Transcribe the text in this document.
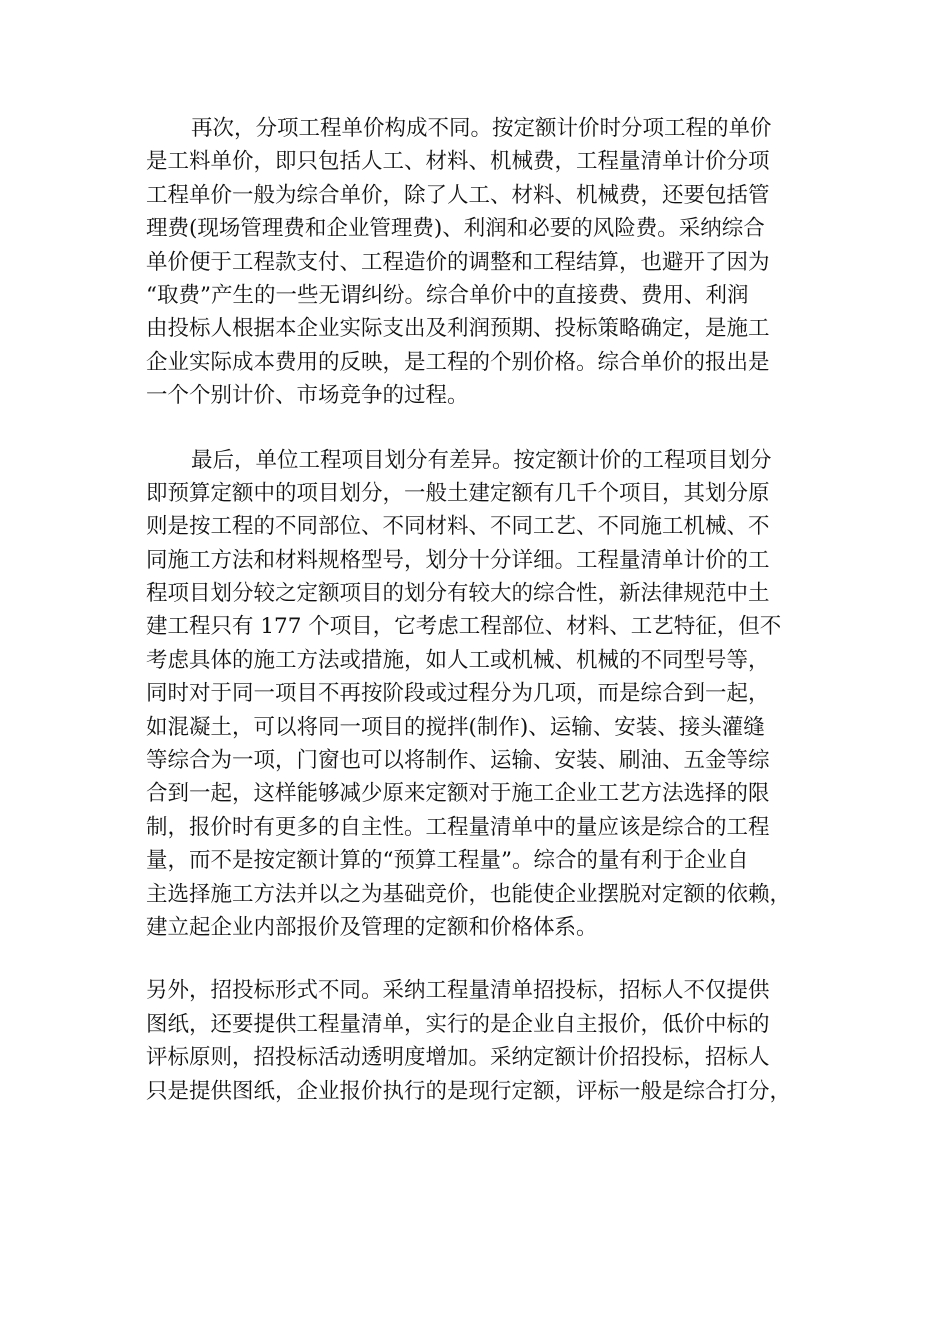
再次，分项工程单价构成不同。按定额计价时分项工程的单价
是工料单价，即只包括人工、材料、机械费，工程量清单计价分项
工程单价一般为综合单价，除了人工、材料、机械费，还要包括管
理费(现场管理费和企业管理费)、利润和必要的风险费。采纳综合
单价便于工程款支付、工程造价的调整和工程结算，也避开了因为
“取费”产生的一些无谓纠纷。综合单价中的直接费、费用、利润
由投标人根据本企业实际支出及利润预期、投标策略确定，是施工
企业实际成本费用的反映，是工程的个别价格。综合单价的报出是
一个个别计价、市场竞争的过程。
最后，单位工程项目划分有差异。按定额计价的工程项目划分
即预算定额中的项目划分，一般土建定额有几千个项目，其划分原
则是按工程的不同部位、不同材料、不同工艺、不同施工机械、不
同施工方法和材料规格型号，划分十分详细。工程量清单计价的工
程项目划分较之定额项目的划分有较大的综合性，新法律规范中土
建工程只有 177 个项目，它考虑工程部位、材料、工艺特征，但不
考虑具体的施工方法或措施，如人工或机械、机械的不同型号等，
同时对于同一项目不再按阶段或过程分为几项，而是综合到一起，
如混凝土，可以将同一项目的搅拌(制作)、运输、安装、接头灌缝
等综合为一项，门窗也可以将制作、运输、安装、刷油、五金等综
合到一起，这样能够减少原来定额对于施工企业工艺方法选择的限
制，报价时有更多的自主性。工程量清单中的量应该是综合的工程
量，而不是按定额计算的“预算工程量”。综合的量有利于企业自
主选择施工方法并以之为基础竞价，也能使企业摆脱对定额的依赖，
建立起企业内部报价及管理的定额和价格体系。
另外，招投标形式不同。采纳工程量清单招投标，招标人不仅提供
图纸，还要提供工程量清单，实行的是企业自主报价，低价中标的
评标原则，招投标活动透明度增加。采纳定额计价招投标，招标人
只是提供图纸，企业报价执行的是现行定额，评标一般是综合打分，
